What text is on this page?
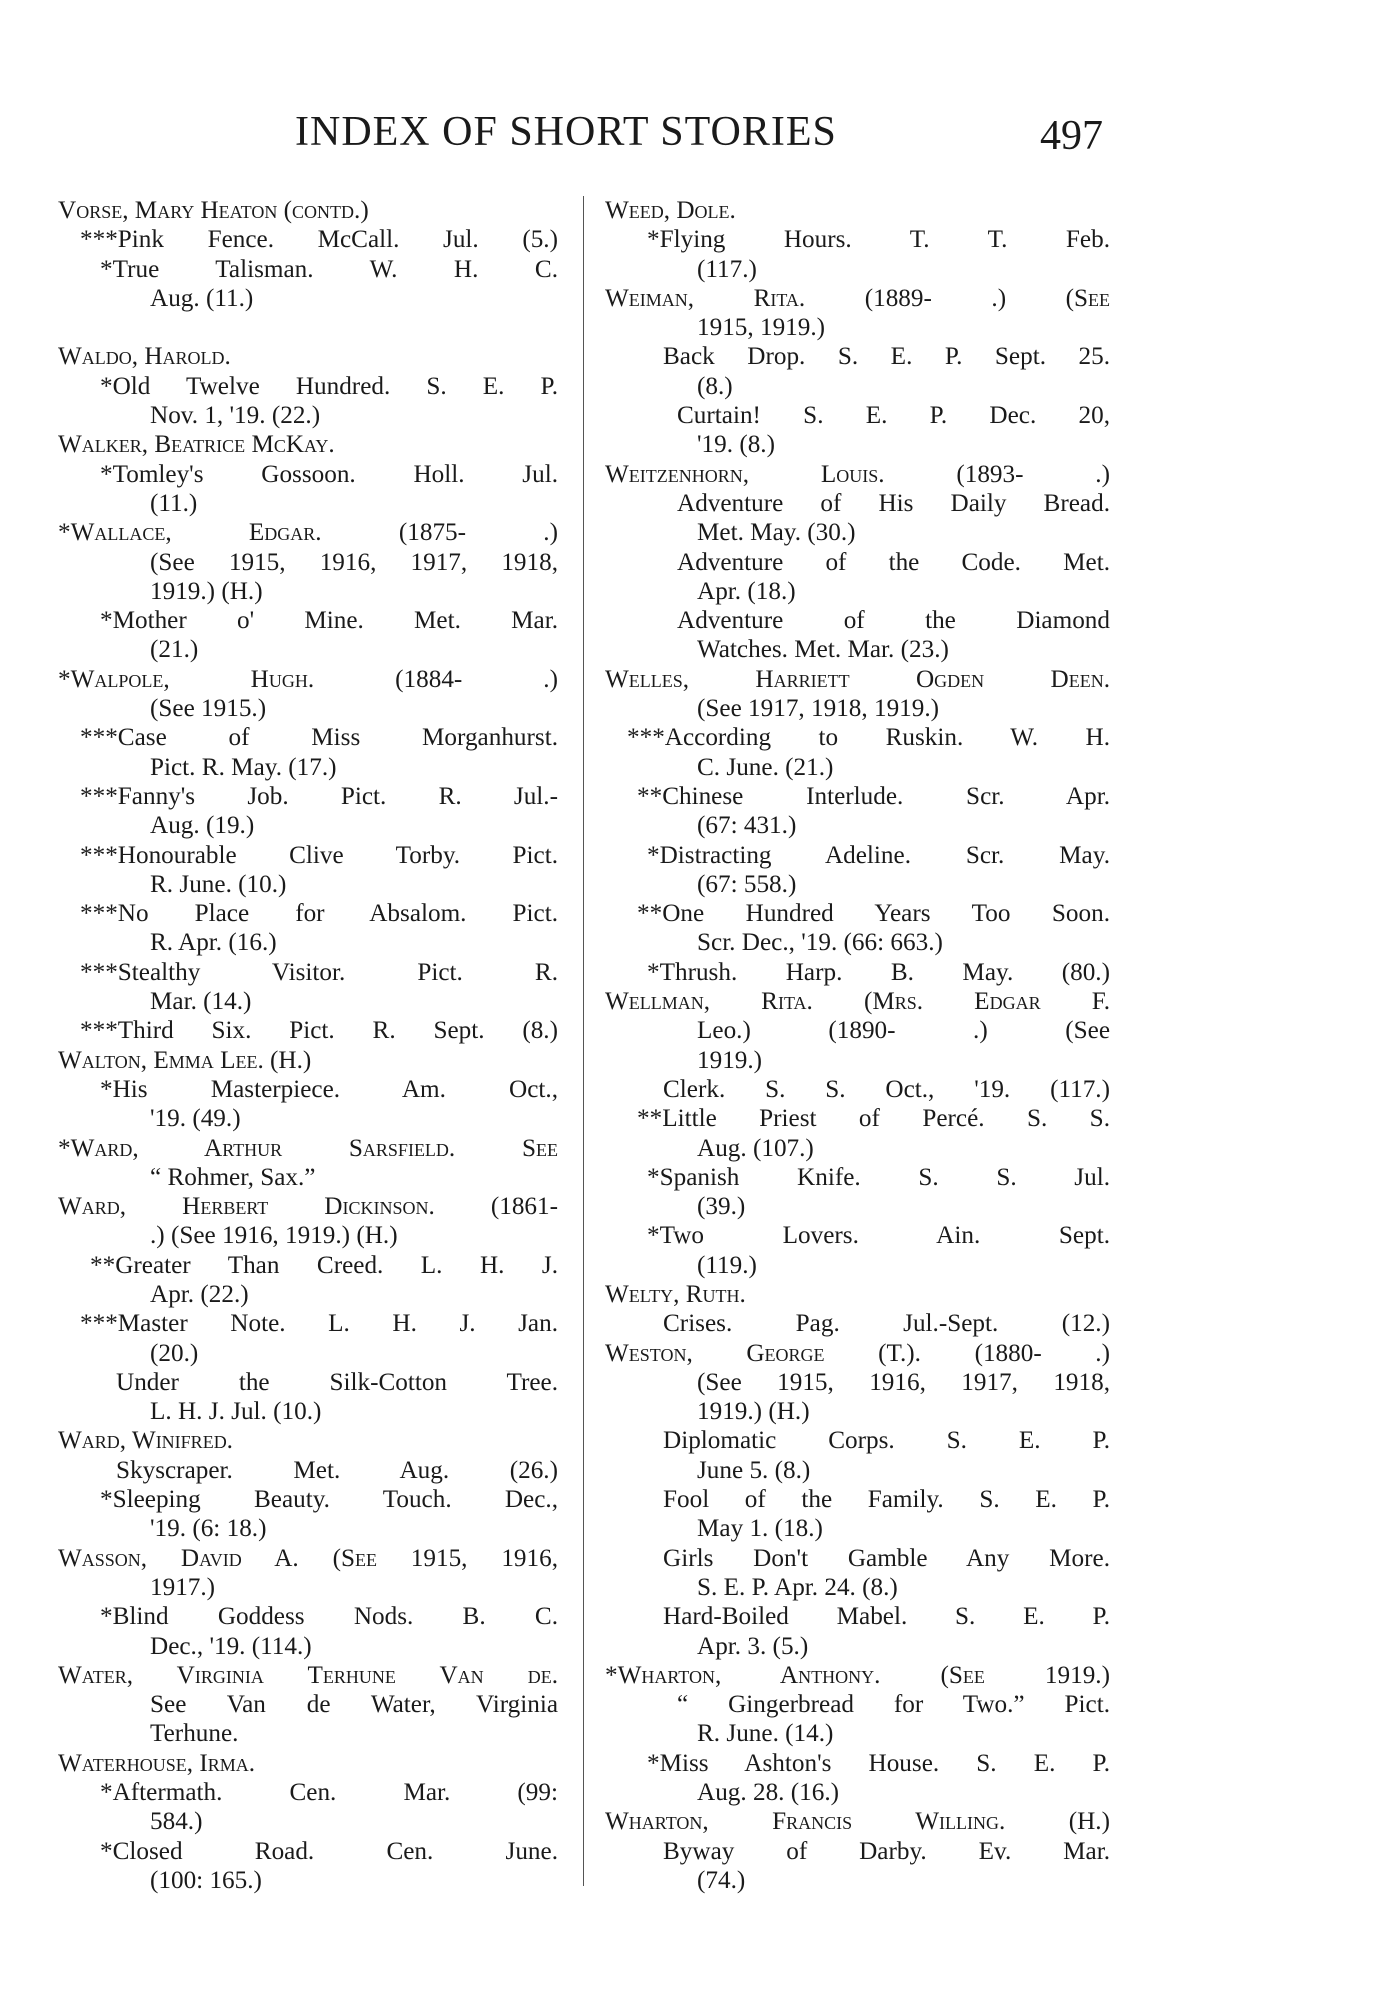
INDEX OF SHORT STORIES	497
Vorse, Mary Heaton (contd.)
***Pink Fence. McCall. Jul. (5.)
*True Talisman. W. H. C.
Aug. (11.)
Waldo, Harold.
*Old Twelve Hundred. S. E. P.
Nov. 1, '19. (22.)
Walker, Beatrice McKay.
*Tomley's Gossoon. Holl. Jul.
(11.)
*Wallace, Edgar. (1875- .)
(See 1915, 1916, 1917, 1918,
1919.) (H.)
*Mother o' Mine. Met. Mar.
(21.)
*Walpole, Hugh. (1884- .)
(See 1915.)
***Case of Miss Morganhurst.
Pict. R. May. (17.)
***Fanny's Job. Pict. R. Jul.-
Aug. (19.)
***Honourable Clive Torby. Pict.
R. June. (10.)
***No Place for Absalom. Pict.
R. Apr. (16.)
***Stealthy Visitor. Pict. R.
Mar. (14.)
***Third Six. Pict. R. Sept. (8.)
Walton, Emma Lee. (H.)
*His Masterpiece. Am. Oct.,
'19. (49.)
*Ward, Arthur Sarsfield. See
“ Rohmer, Sax.”
Ward, Herbert Dickinson. (1861-
.) (See 1916, 1919.) (H.)
**Greater Than Creed. L. H. J.
Apr. (22.)
***Master Note. L. H. J. Jan.
(20.)
Under the Silk-Cotton Tree.
L. H. J. Jul. (10.)
Ward, Winifred.
Skyscraper. Met. Aug. (26.)
*Sleeping Beauty. Touch. Dec.,
'19. (6: 18.)
Wasson, David A. (See 1915, 1916,
1917.)
*Blind Goddess Nods. B. C.
Dec., '19. (114.)
Water, Virginia Terhune Van de.
See Van de Water, Virginia
Terhune.
Waterhouse, Irma.
*Aftermath. Cen. Mar. (99:
584.)
*Closed Road. Cen. June.
(100: 165.)
Weed, Dole.
*Flying Hours. T. T. Feb.
(117.)
Weiman, Rita. (1889- .) (See
1915, 1919.)
Back Drop. S. E. P. Sept. 25.
(8.)
Curtain! S. E. P. Dec. 20,
'19. (8.)
Weitzenhorn, Louis. (1893- .)
Adventure of His Daily Bread.
Met. May. (30.)
Adventure of the Code. Met.
Apr. (18.)
Adventure of the Diamond
Watches. Met. Mar. (23.)
Welles, Harriett Ogden Deen.
(See 1917, 1918, 1919.)
***According to Ruskin. W. H.
C. June. (21.)
**Chinese Interlude. Scr. Apr.
(67: 431.)
*Distracting Adeline. Scr. May.
(67: 558.)
**One Hundred Years Too Soon.
Scr. Dec., '19. (66: 663.)
*Thrush. Harp. B. May. (80.)
Wellman, Rita. (Mrs. Edgar F.
Leo.) (1890- .) (See
1919.)
Clerk. S. S. Oct., '19. (117.)
**Little Priest of Percé. S. S.
Aug. (107.)
*Spanish Knife. S. S. Jul.
(39.)
*Two Lovers. Ain. Sept.
(119.)
Welty, Ruth.
Crises. Pag. Jul.-Sept. (12.)
Weston, George (T.). (1880- .)
(See 1915, 1916, 1917, 1918,
1919.) (H.)
Diplomatic Corps. S. E. P.
June 5. (8.)
Fool of the Family. S. E. P.
May 1. (18.)
Girls Don't Gamble Any More.
S. E. P. Apr. 24. (8.)
Hard-Boiled Mabel. S. E. P.
Apr. 3. (5.)
*Wharton, Anthony. (See 1919.)
“ Gingerbread for Two.” Pict.
R. June. (14.)
*Miss Ashton's House. S. E. P.
Aug. 28. (16.)
Wharton, Francis Willing. (H.)
Byway of Darby. Ev. Mar.
(74.)
